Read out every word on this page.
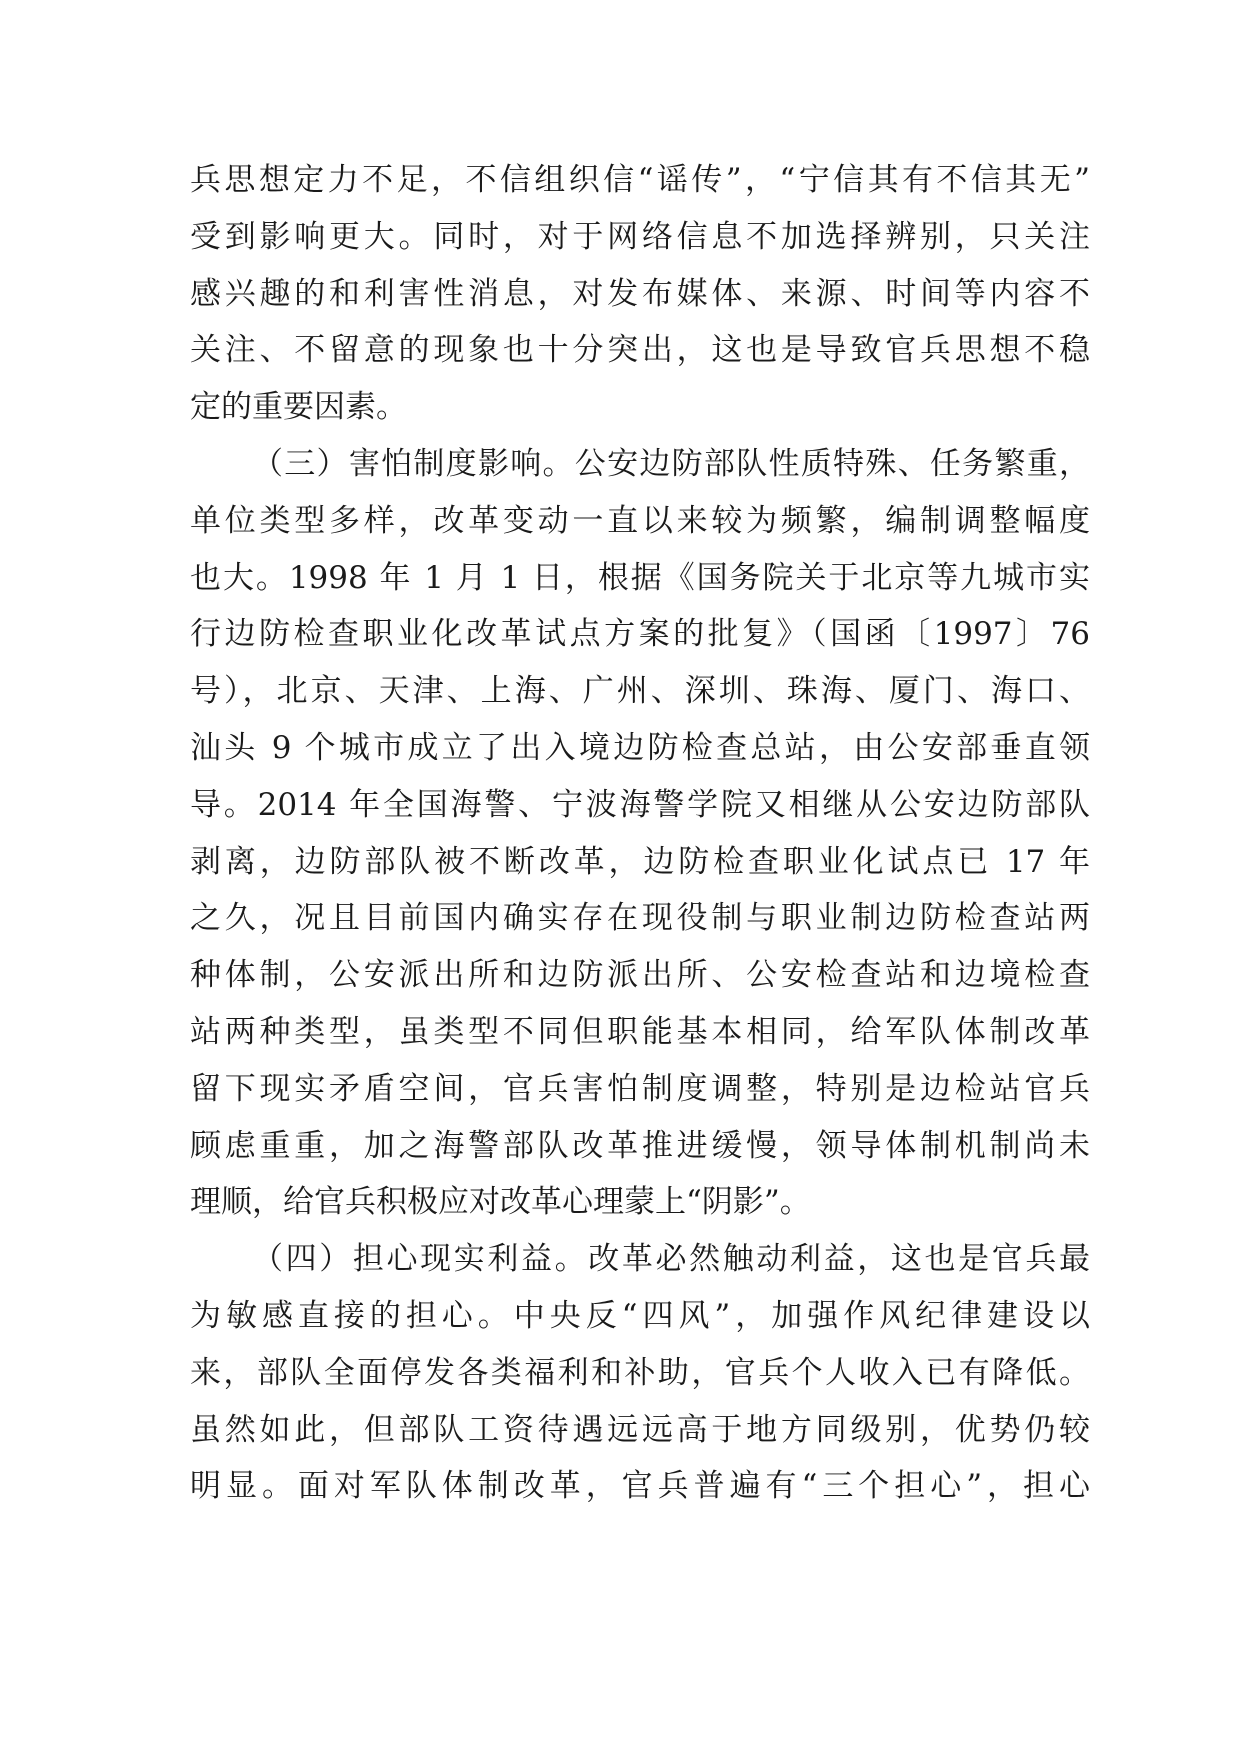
兵思想定力不足，不信组织信“谣传”，“宁信其有不信其无”
受到影响更大。同时，对于网络信息不加选择辨别，只关注
感兴趣的和利害性消息，对发布媒体、来源、时间等内容不
关注、不留意的现象也十分突出，这也是导致官兵思想不稳
定的重要因素。
（三）害怕制度影响。公安边防部队性质特殊、任务繁重，
单位类型多样，改革变动一直以来较为频繁，编制调整幅度
也大。1998 年 1 月 1 日，根据《国务院关于北京等九城市实
行边防检查职业化改革试点方案的批复》（国函〔1997〕76
号），北京、天津、上海、广州、深圳、珠海、厦门、海口、
汕头 9 个城市成立了出入境边防检查总站，由公安部垂直领
导。2014 年全国海警、宁波海警学院又相继从公安边防部队
剥离，边防部队被不断改革，边防检查职业化试点已 17 年
之久，况且目前国内确实存在现役制与职业制边防检查站两
种体制，公安派出所和边防派出所、公安检查站和边境检查
站两种类型，虽类型不同但职能基本相同，给军队体制改革
留下现实矛盾空间，官兵害怕制度调整，特别是边检站官兵
顾虑重重，加之海警部队改革推进缓慢，领导体制机制尚未
理顺，给官兵积极应对改革心理蒙上“阴影”。
（四）担心现实利益。改革必然触动利益，这也是官兵最
为敏感直接的担心。中央反“四风”，加强作风纪律建设以
来，部队全面停发各类福利和补助，官兵个人收入已有降低。
虽然如此，但部队工资待遇远远高于地方同级别，优势仍较
明显。面对军队体制改革，官兵普遍有“三个担心”，担心
